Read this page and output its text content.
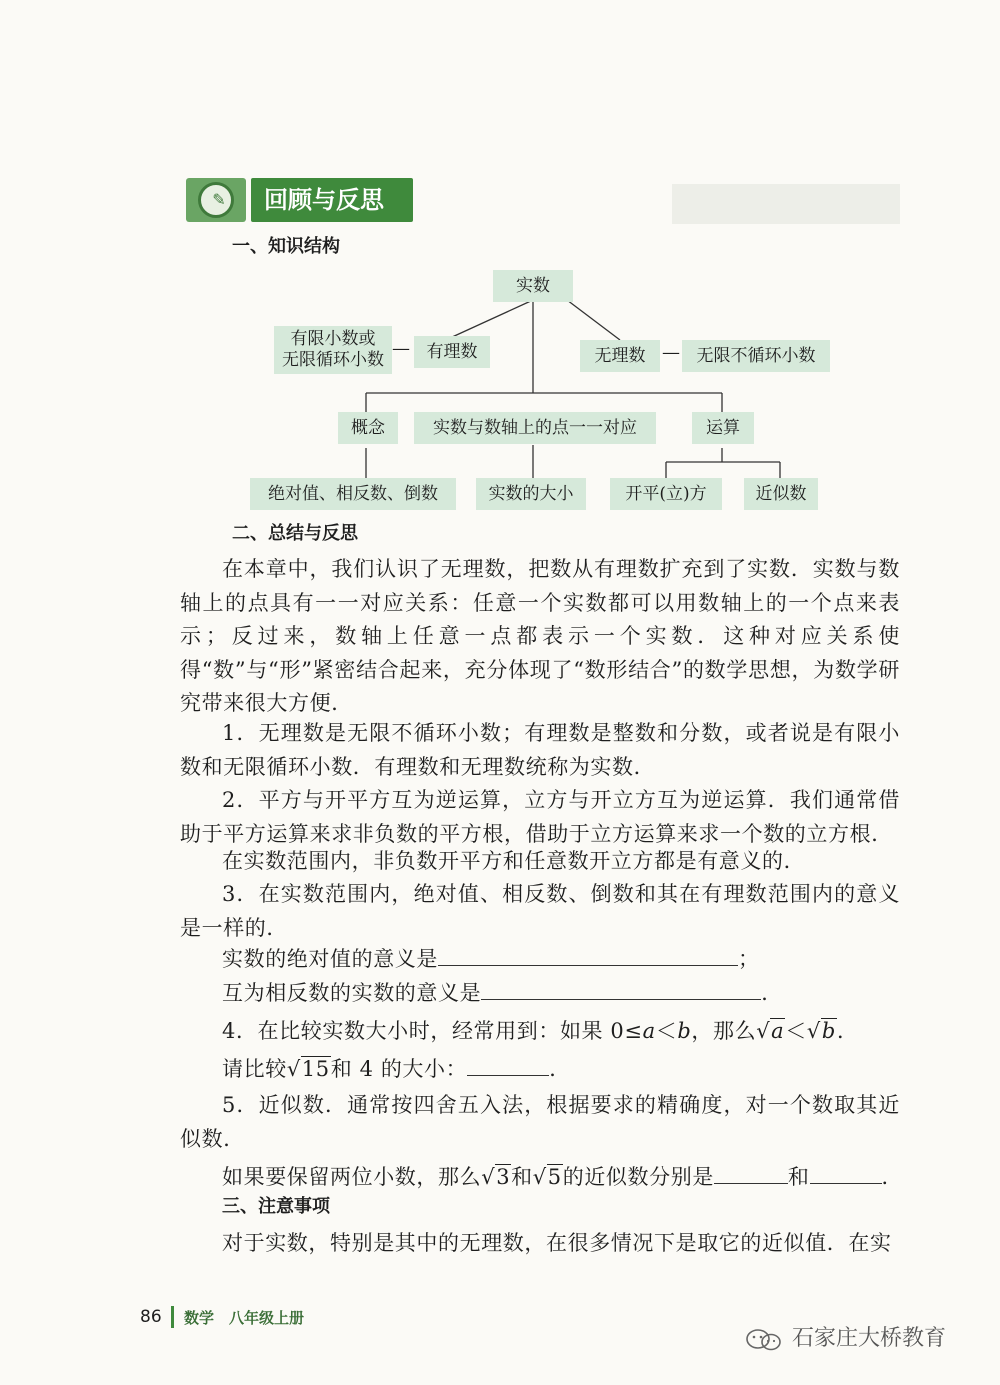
✎	回顾与反思
一、知识结构
实数
有限小数或
无限循环小数
— 有理数	无理数 — 无限不循环小数
概念	实数与数轴上的点一一对应	运算
绝对值、相反数、倒数	实数的大小	开平(立)方	近似数
二、总结与反思
在本章中，我们认识了无理数，把数从有理数扩充到了实数．实数与数轴上的点具有一一对应关系：任意一个实数都可以用数轴上的一个点来表示；反过来，数轴上任意一点都表示一个实数．这种对应关系使得“数”与“形”紧密结合起来，充分体现了“数形结合”的数学思想，为数学研究带来很大方便．
1．无理数是无限不循环小数；有理数是整数和分数，或者说是有限小数和无限循环小数．有理数和无理数统称为实数．
2．平方与开平方互为逆运算，立方与开立方互为逆运算．我们通常借助于平方运算来求非负数的平方根，借助于立方运算来求一个数的立方根．
在实数范围内，非负数开平方和任意数开立方都是有意义的．
3．在实数范围内，绝对值、相反数、倒数和其在有理数范围内的意义是一样的．
实数的绝对值的意义是	；
互为相反数的实数的意义是	．
4．在比较实数大小时，经常用到：如果 0≤a＜b，那么√a＜√b．
请比较√15和 4 的大小：	．
5．近似数．通常按四舍五入法，根据要求的精确度，对一个数取其近似数．
如果要保留两位小数，那么√3和√5的近似数分别是	和	．
三、注意事项
对于实数，特别是其中的无理数，在很多情况下是取它的近似值．在实
86 数学　八年级上册
石家庄大桥教育
